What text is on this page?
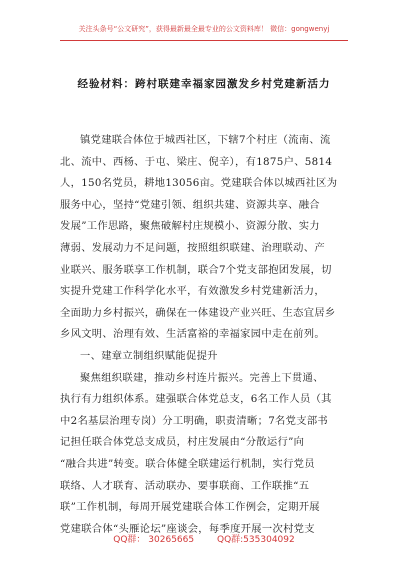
关注头条号“公文研究”，获得最新最全最专业的公文资料库！ 微信：gongwenyj
经验材料：跨村联建幸福家园激发乡村党建新活力
镇党建联合体位于城西社区，下辖7个村庄（流南、流
北、流中、西杨、于屯、梁庄、倪辛），有1875户、5814
人，150名党员，耕地13056亩。党建联合体以城西社区为
服务中心，坚持“党建引领、组织共建、资源共享、融合
发展”工作思路，聚焦破解村庄规模小、资源分散、实力
薄弱、发展动力不足问题，按照组织联建、治理联动、产
业联兴、服务联享工作机制，联合7个党支部抱团发展，切
实提升党建工作科学化水平，有效激发乡村党建新活力，
全面助力乡村振兴，确保在一体建设产业兴旺、生态宜居乡
乡风文明、治理有效、生活富裕的幸福家园中走在前列。
一、建章立制组织赋能促提升
聚焦组织联建，推动乡村连片振兴。完善上下贯通、
执行有力组织体系。建强联合体党总支，6名工作人员（其
中2名基层治理专岗）分工明确，职责清晰；7名党支部书
记担任联合体党总支成员，村庄发展由“分散运行”向
“融合共进”转变。联合体健全联建运行机制，实行党员
联络、人才联育、活动联办、要事联商、工作联推“五
联”工作机制，每周开展党建联合体工作例会，定期开展
党建联合体“头雁论坛”座谈会，每季度开展一次村党支
QQ群： 30265665	QQ群:535304092
